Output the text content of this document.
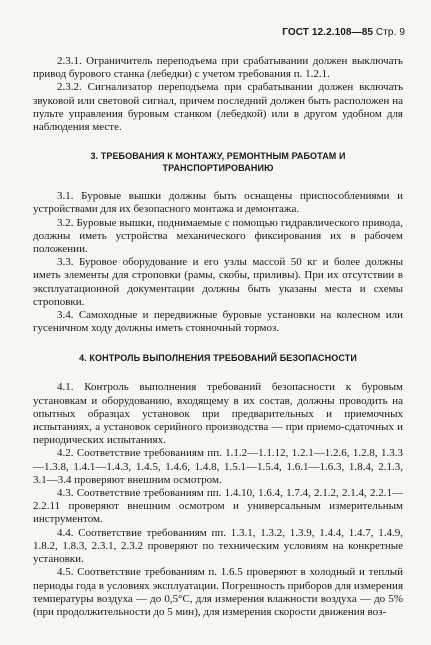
ГОСТ 12.2.108—85 Стр. 9

2.3.1. Ограничитель переподъема при срабатывании должен выключать привод бурового станка (лебедки) с учетом требования п. 1.2.1.

2.3.2. Сигнализатор переподъема при срабатывании должен включать звуковой или световой сигнал, причем последний должен быть расположен на пульте управления буровым станком (лебедкой) или в другом удобном для наблюдения месте.

3. ТРЕБОВАНИЯ К МОНТАЖУ, РЕМОНТНЫМ РАБОТАМ И ТРАНСПОРТИРОВАНИЮ

3.1. Буровые вышки должны быть оснащены приспособлениями и устройствами для их безопасного монтажа и демонтажа.

3.2. Буровые вышки, поднимаемые с помощью гидравлического привода, должны иметь устройства механического фиксирования их в рабочем положении.

3.3. Буровое оборудование и его узлы массой 50 кг и более должны иметь элементы для строповки (рамы, скобы, приливы). При их отсутствии в эксплуатационной документации должны быть указаны места и схемы строповки.

3.4. Самоходные и передвижные буровые установки на колесном или гусеничном ходу должны иметь стояночный тормоз.

4. КОНТРОЛЬ ВЫПОЛНЕНИЯ ТРЕБОВАНИЙ БЕЗОПАСНОСТИ

4.1. Контроль выполнения требований безопасности к буровым установкам и оборудованию, входящему в их состав, должны проводить на опытных образцах установок при предварительных и приемочных испытаниях, а установок серийного производства — при приемо-сдаточных и периодических испытаниях.

4.2. Соответствие требованиям пп. 1.1.2—1.1.12, 1.2.1—1.2.6, 1.2.8, 1.3.3—1.3.8, 1.4.1—1.4.3, 1.4.5, 1.4.6, 1.4.8, 1.5.1—1.5.4, 1.6.1—1.6.3, 1.8.4, 2.1.3, 3.1—3.4 проверяют внешним осмотром.

4.3. Соответствие требованиям пп. 1.4.10, 1.6.4, 1.7.4, 2.1.2, 2.1.4, 2.2.1—2.2.11 проверяют внешним осмотром и универсальным измерительным инструментом.

4.4. Соответствие требованиям пп. 1.3.1, 1.3.2, 1.3.9, 1.4.4, 1.4.7, 1.4.9, 1.8.2, 1.8.3, 2.3.1, 2.3.2 проверяют по техническим условиям на конкретные установки.

4.5. Соответствие требованиям п. 1.6.5 проверяют в холодный и теплый периоды года в условиях эксплуатации. Погрешность приборов для измерения температуры воздуха — до 0,5°С, для измерения влажности воздуха — до 5% (при продолжительности до 5 мин), для измерения скорости движения воз-
